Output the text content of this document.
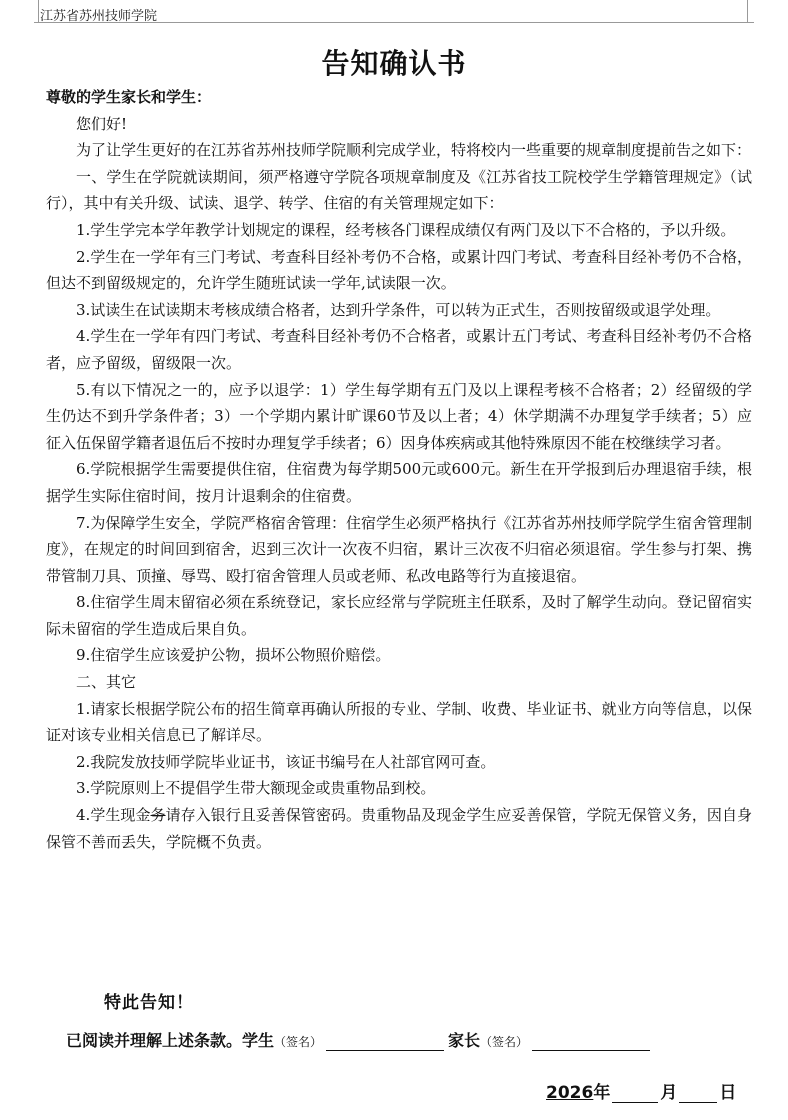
江苏省苏州技师学院
告知确认书

尊敬的学生家长和学生：

您们好!

为了让学生更好的在江苏省苏州技师学院顺利完成学业，特将校内一些重要的规章制度提前告之如下：

一、学生在学院就读期间，须严格遵守学院各项规章制度及《江苏省技工院校学生学籍管理规定》（试行），其中有关升级、试读、退学、转学、住宿的有关管理规定如下：

1.学生学完本学年教学计划规定的课程，经考核各门课程成绩仅有两门及以下不合格的，予以升级。

2.学生在一学年有三门考试、考查科目经补考仍不合格，或累计四门考试、考查科目经补考仍不合格，但达不到留级规定的，允许学生随班试读一学年,试读限一次。

3.试读生在试读期末考核成绩合格者，达到升学条件，可以转为正式生，否则按留级或退学处理。

4.学生在一学年有四门考试、考查科目经补考仍不合格者，或累计五门考试、考查科目经补考仍不合格者，应予留级，留级限一次。

5.有以下情况之一的，应予以退学：1）学生每学期有五门及以上课程考核不合格者；2）经留级的学生仍达不到升学条件者；3）一个学期内累计旷课60节及以上者；4）休学期满不办理复学手续者；5）应征入伍保留学籍者退伍后不按时办理复学手续者；6）因身体疾病或其他特殊原因不能在校继续学习者。

6.学院根据学生需要提供住宿，住宿费为每学期500元或600元。新生在开学报到后办理退宿手续，根据学生实际住宿时间，按月计退剩余的住宿费。

7.为保障学生安全，学院严格宿舍管理：住宿学生必须严格执行《江苏省苏州技师学院学生宿舍管理制度》，在规定的时间回到宿舍，迟到三次计一次夜不归宿，累计三次夜不归宿必须退宿。学生参与打架、携带管制刀具、顶撞、辱骂、殴打宿舍管理人员或老师、私改电路等行为直接退宿。

8.住宿学生周末留宿必须在系统登记，家长应经常与学院班主任联系，及时了解学生动向。登记留宿实际未留宿的学生造成后果自负。

9.住宿学生应该爱护公物，损坏公物照价赔偿。

二、其它

1.请家长根据学院公布的招生简章再确认所报的专业、学制、收费、毕业证书、就业方向等信息，以保证对该专业相关信息已了解详尽。

2.我院发放技师学院毕业证书，该证书编号在人社部官网可查。

3.学院原则上不提倡学生带大额现金或贵重物品到校。

4.学生现金务请存入银行且妥善保管密码。贵重物品及现金学生应妥善保管，学院无保管义务，因自身保管不善而丢失，学院概不负责。

特此告知！
已阅读并理解上述条款。学生（签名）	家长（签名）
2026年	月 日
